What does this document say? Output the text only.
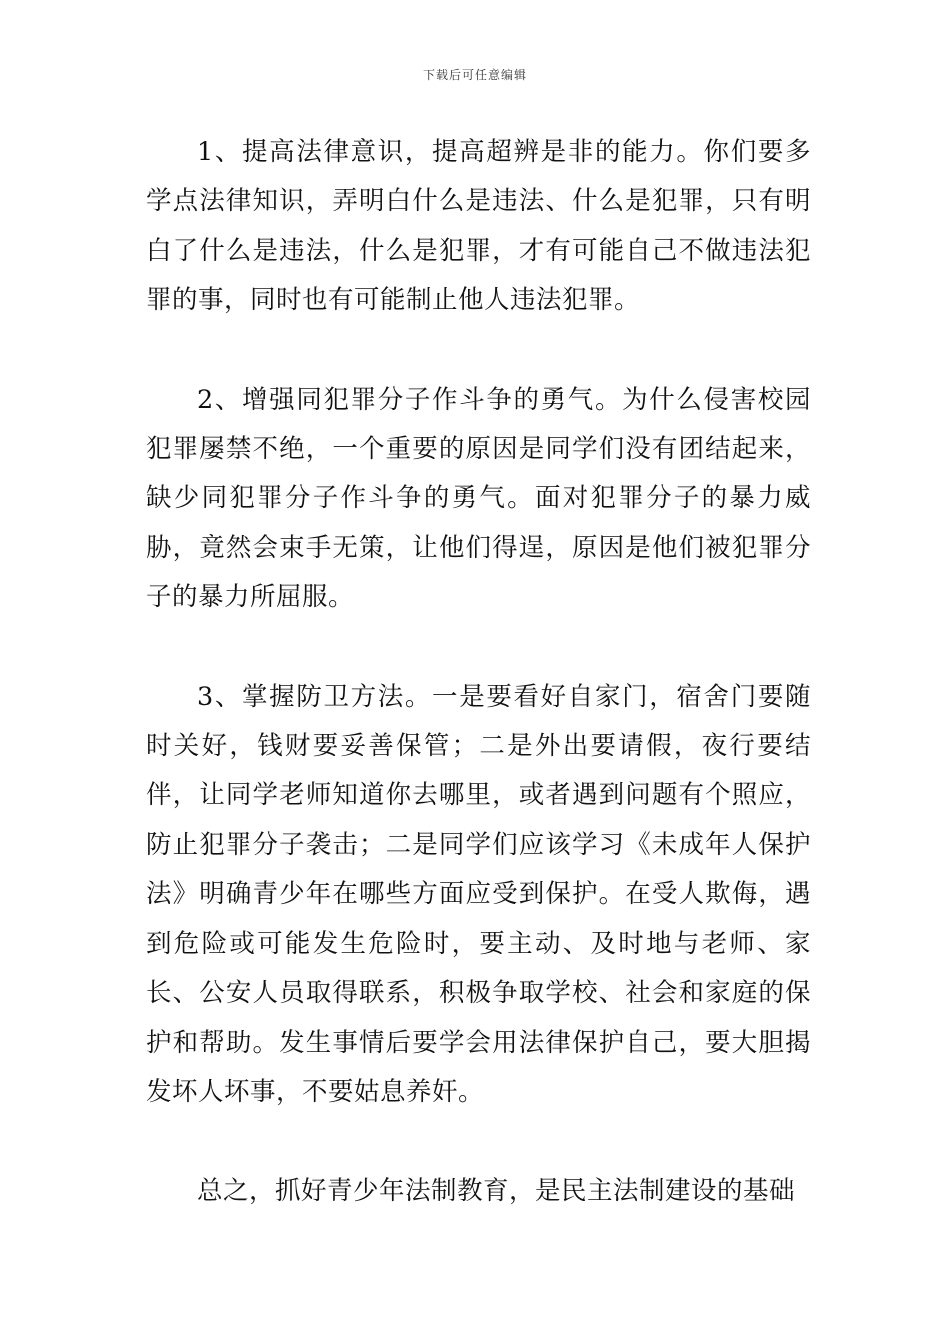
下载后可任意编辑

1、提高法律意识，提高超辨是非的能力。你们要多学点法律知识，弄明白什么是违法、什么是犯罪，只有明白了什么是违法，什么是犯罪，才有可能自己不做违法犯罪的事，同时也有可能制止他人违法犯罪。

2、增强同犯罪分子作斗争的勇气。为什么侵害校园犯罪屡禁不绝，一个重要的原因是同学们没有团结起来，缺少同犯罪分子作斗争的勇气。面对犯罪分子的暴力威胁，竟然会束手无策，让他们得逞，原因是他们被犯罪分子的暴力所屈服。

3、掌握防卫方法。一是要看好自家门，宿舍门要随时关好，钱财要妥善保管；二是外出要请假，夜行要结伴，让同学老师知道你去哪里，或者遇到问题有个照应，防止犯罪分子袭击；二是同学们应该学习《未成年人保护法》明确青少年在哪些方面应受到保护。在受人欺侮，遇到危险或可能发生危险时，要主动、及时地与老师、家长、公安人员取得联系，积极争取学校、社会和家庭的保护和帮助。发生事情后要学会用法律保护自己，要大胆揭发坏人坏事，不要姑息养奸。

总之，抓好青少年法制教育，是民主法制建设的基础
